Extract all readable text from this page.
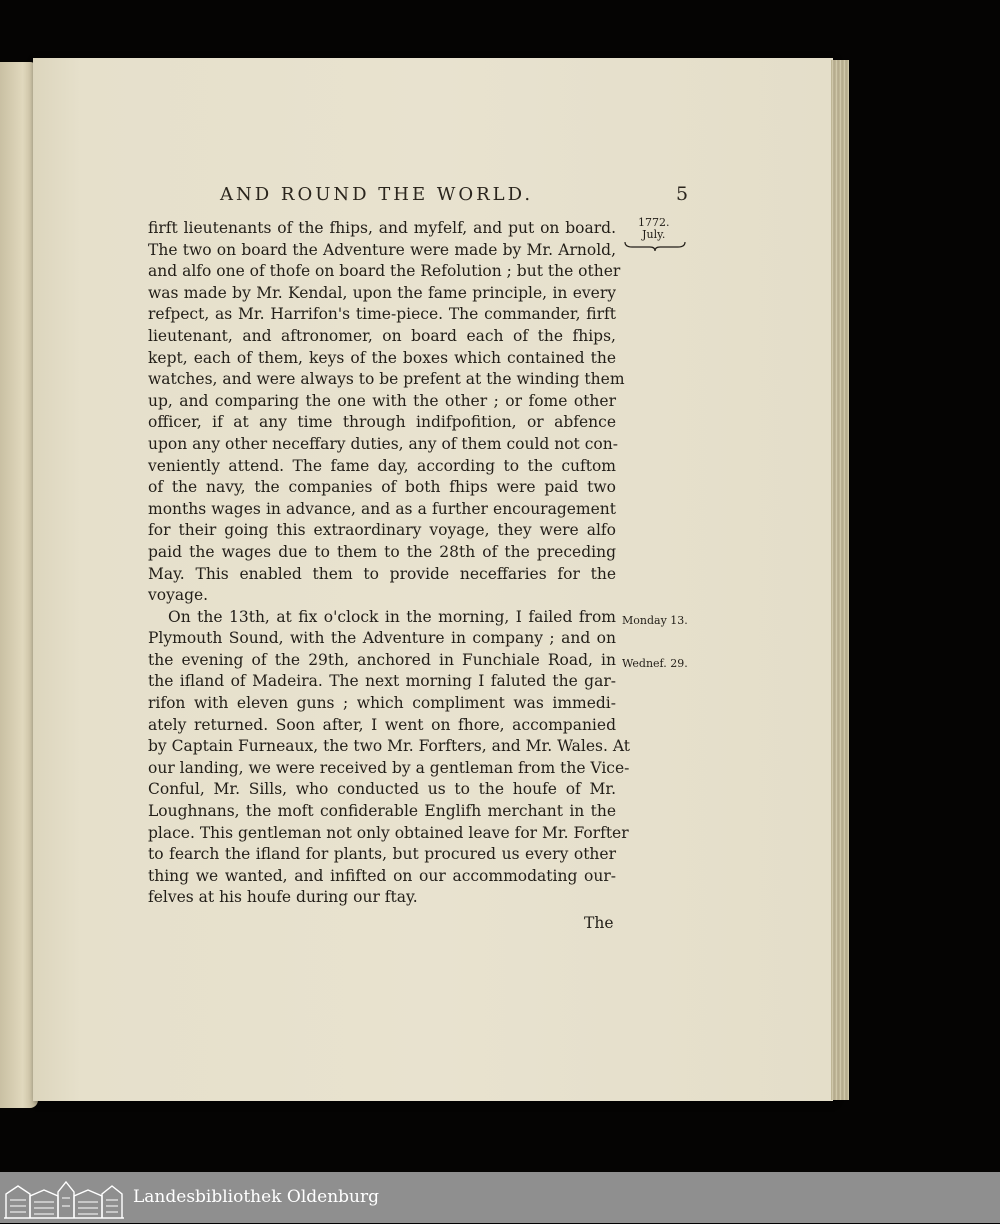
AND ROUND THE WORLD.	5
1772.
July.
firft lieutenants of the fhips, and myfelf, and put on board.
The two on board the Adventure were made by Mr. Arnold,
and alfo one of thofe on board the Refolution ; but the other
was made by Mr. Kendal, upon the fame principle, in every
refpect, as Mr. Harrifon's time-piece. The commander, firft
lieutenant, and aftronomer, on board each of the fhips,
kept, each of them, keys of the boxes which contained the
watches, and were always to be prefent at the winding them
up, and comparing the one with the other ; or fome other
officer, if at any time through indifpofition, or abfence
upon any other neceffary duties, any of them could not con-
veniently attend. The fame day, according to the cuftom
of the navy, the companies of both fhips were paid two
months wages in advance, and as a further encouragement
for their going this extraordinary voyage, they were alfo
paid the wages due to them to the 28th of the preceding
May. This enabled them to provide neceffaries for the
voyage.
On the 13th, at fix o'clock in the morning, I failed from
Plymouth Sound, with the Adventure in company ; and on
the evening of the 29th, anchored in Funchiale Road, in
the ifland of Madeira. The next morning I faluted the gar-
rifon with eleven guns ; which compliment was immedi-
ately returned. Soon after, I went on fhore, accompanied
by Captain Furneaux, the two Mr. Forfters, and Mr. Wales. At
our landing, we were received by a gentleman from the Vice-
Conful, Mr. Sills, who conducted us to the houfe of Mr.
Loughnans, the moft confiderable Englifh merchant in the
place. This gentleman not only obtained leave for Mr. Forfter
to fearch the ifland for plants, but procured us every other
thing we wanted, and infifted on our accommodating our-
felves at his houfe during our ftay.
Monday 13.
Wednef. 29.
The
Landesbibliothek Oldenburg
